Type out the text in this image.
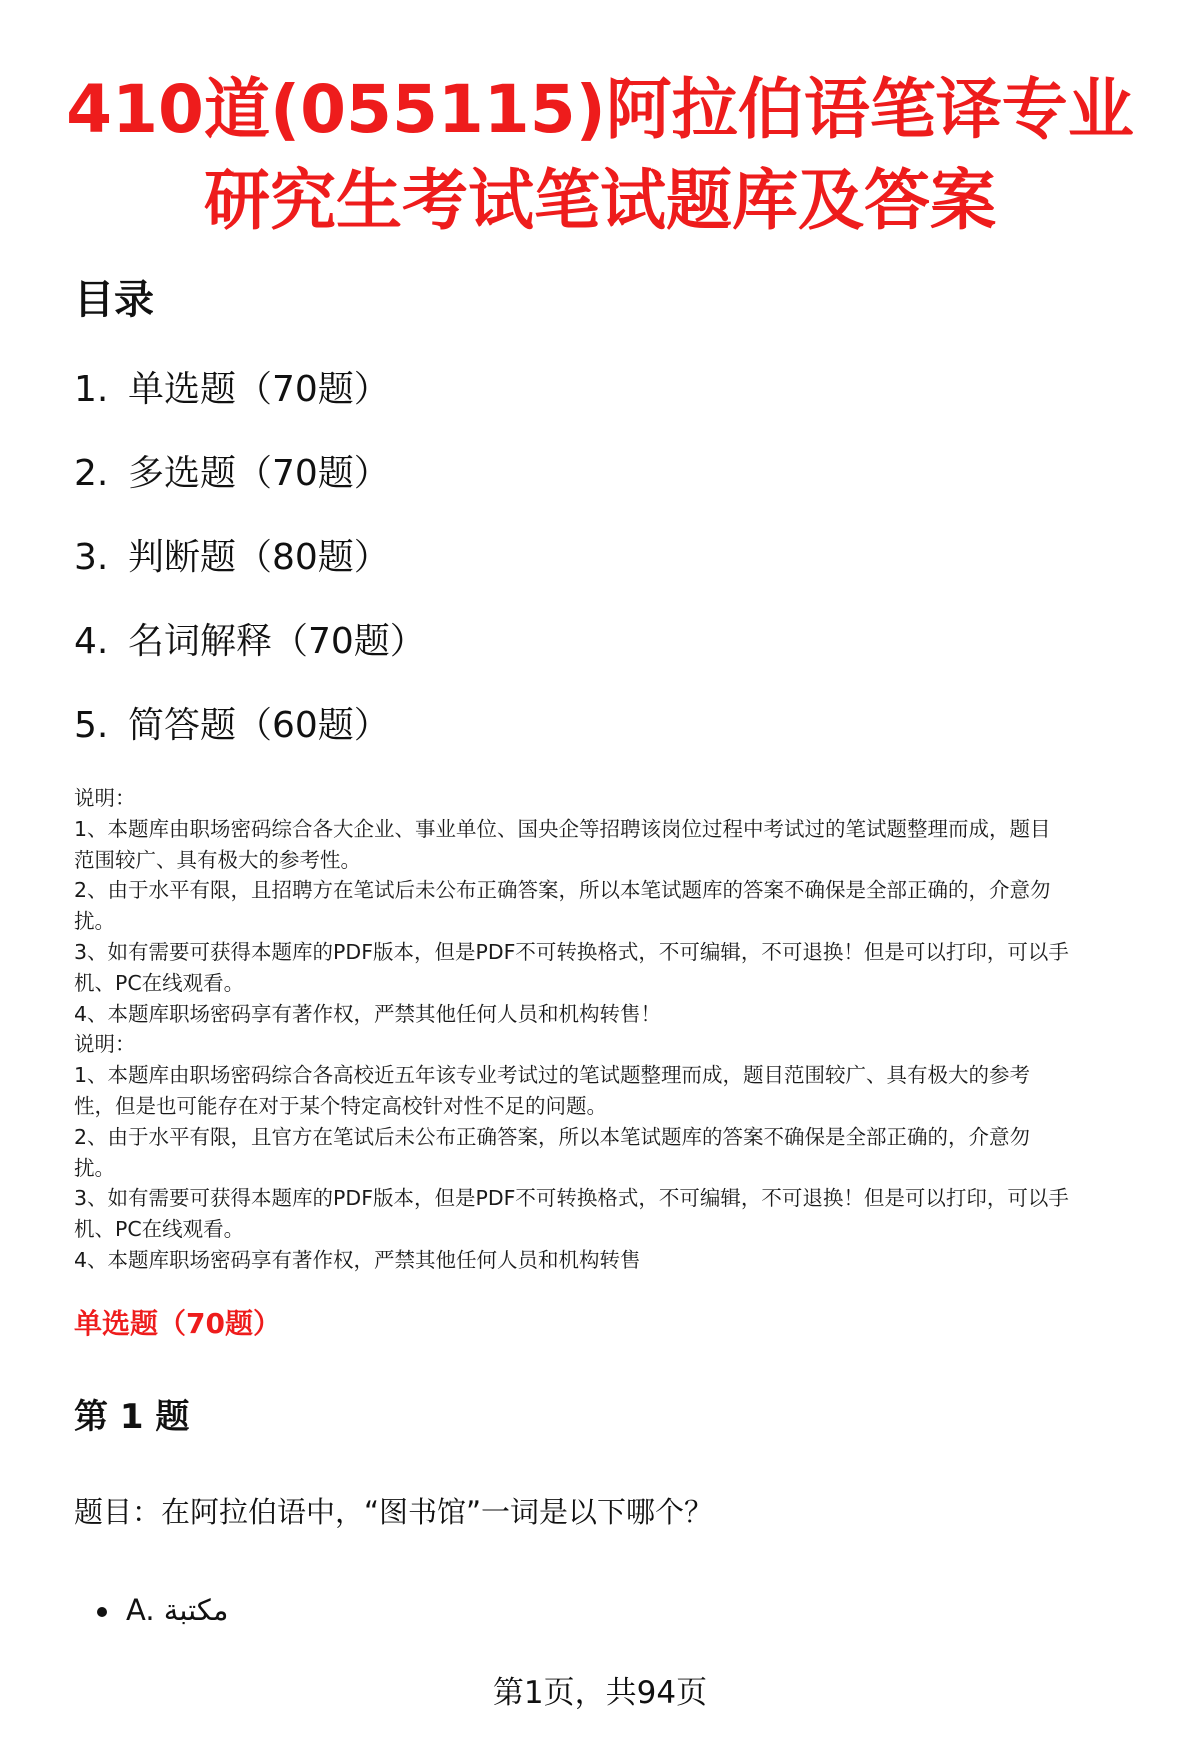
410道(055115)阿拉伯语笔译专业
研究生考试笔试题库及答案
目录
1. 单选题（70题）
2. 多选题（70题）
3. 判断题（80题）
4. 名词解释（70题）
5. 简答题（60题）

说明：

1、本题库由职场密码综合各大企业、事业单位、国央企等招聘该岗位过程中考试过的笔试题整理而成，题目

范围较广、具有极大的参考性。

2、由于水平有限，且招聘方在笔试后未公布正确答案，所以本笔试题库的答案不确保是全部正确的，介意勿

扰。

3、如有需要可获得本题库的PDF版本，但是PDF不可转换格式，不可编辑，不可退换！但是可以打印，可以手

机、PC在线观看。

4、本题库职场密码享有著作权，严禁其他任何人员和机构转售！

说明：

1、本题库由职场密码综合各高校近五年该专业考试过的笔试题整理而成，题目范围较广、具有极大的参考

性，但是也可能存在对于某个特定高校针对性不足的问题。

2、由于水平有限，且官方在笔试后未公布正确答案，所以本笔试题库的答案不确保是全部正确的，介意勿

扰。

3、如有需要可获得本题库的PDF版本，但是PDF不可转换格式，不可编辑，不可退换！但是可以打印，可以手

机、PC在线观看。

4、本题库职场密码享有著作权，严禁其他任何人员和机构转售

单选题（70题）
第 1 题
题目：在阿拉伯语中，“图书馆”一词是以下哪个？
A. مكتبة
第1页，共94页
